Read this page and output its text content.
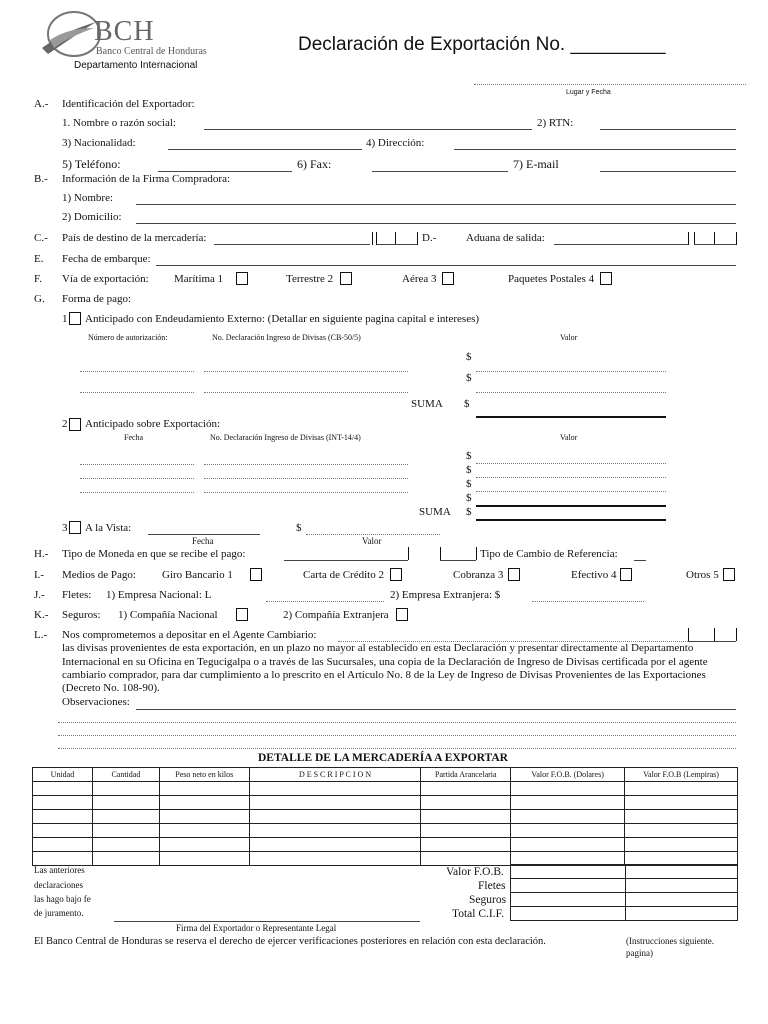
BCH
Banco Central de Honduras
Departamento Internacional
Declaración de Exportación No. _________
Lugar y Fecha
A.- Identificación del Exportador:
1. Nombre o razón social:	2) RTN:
3) Nacionalidad:	4) Dirección:
5) Teléfono:	6) Fax:	7) E-mail
B.- Información de la Firma Compradora:
1) Nombre:
2) Domicilio:
C.- País de destino de la mercadería:	D.-	Aduana de salida:
E. Fecha de embarque:
F. Vía de exportación: Marítima 1	Terrestre 2	Aérea 3	Paquetes Postales 4
G. Forma de pago:
1 Anticipado con Endeudamiento Externo: (Detallar en siguiente pagina capital e intereses)
Número de autorización:	No. Declaración Ingreso de Divisas (CB-50/5)	Valor
$
$
SUMA $
2 Anticipado sobre Exportación:
Fecha	No. Declaración Ingreso de Divisas (INT-14/4)	Valor
$
$
$
$
SUMA $
3 A la Vista:
Fecha
$
Valor
H.- Tipo de Moneda en que se recibe el pago:	Tipo de Cambio de Referencia:
I.- Medios de Pago: Giro Bancario 1	Carta de Crédito 2	Cobranza 3	Efectivo 4	Otros 5
J.- Fletes: 1) Empresa Nacional: L	2) Empresa Extranjera: $
K.- Seguros: 1) Compañía Nacional	2) Compañía Extranjera
L.- Nos comprometemos a depositar en el Agente Cambiario:
las divisas provenientes de esta exportación, en un plazo no mayor al establecido en esta Declaración y presentar directamente al Departamento
Internacional en su Oficina en Tegucigalpa o a través de las Sucursales, una copia de la Declaración de Ingreso de Divisas certificada por el agente
cambiario comprador, para dar cumplimiento a lo prescrito en el Artículo No. 8 de la Ley de Ingreso de Divisas Provenientes de las Exportaciones
(Decreto No. 108-90).
Observaciones:
DETALLE DE LA MERCADERÍA A EXPORTAR
Unidad	Cantidad	Peso neto en kilos	D E S C R I P C I O N	Partida Arancelaria	Valor F.O.B. (Dolares)	Valor F.O.B (Lempiras)

Las anteriores
declaraciones
las hago bajo fe
de juramento.
Valor F.O.B.
Fletes
Seguros
Total C.I.F.

Firma del Exportador o Representante Legal
El Banco Central de Honduras se reserva el derecho de ejercer verificaciones posteriores en relación con esta declaración.	(Instrucciones siguiente.
pagina)
